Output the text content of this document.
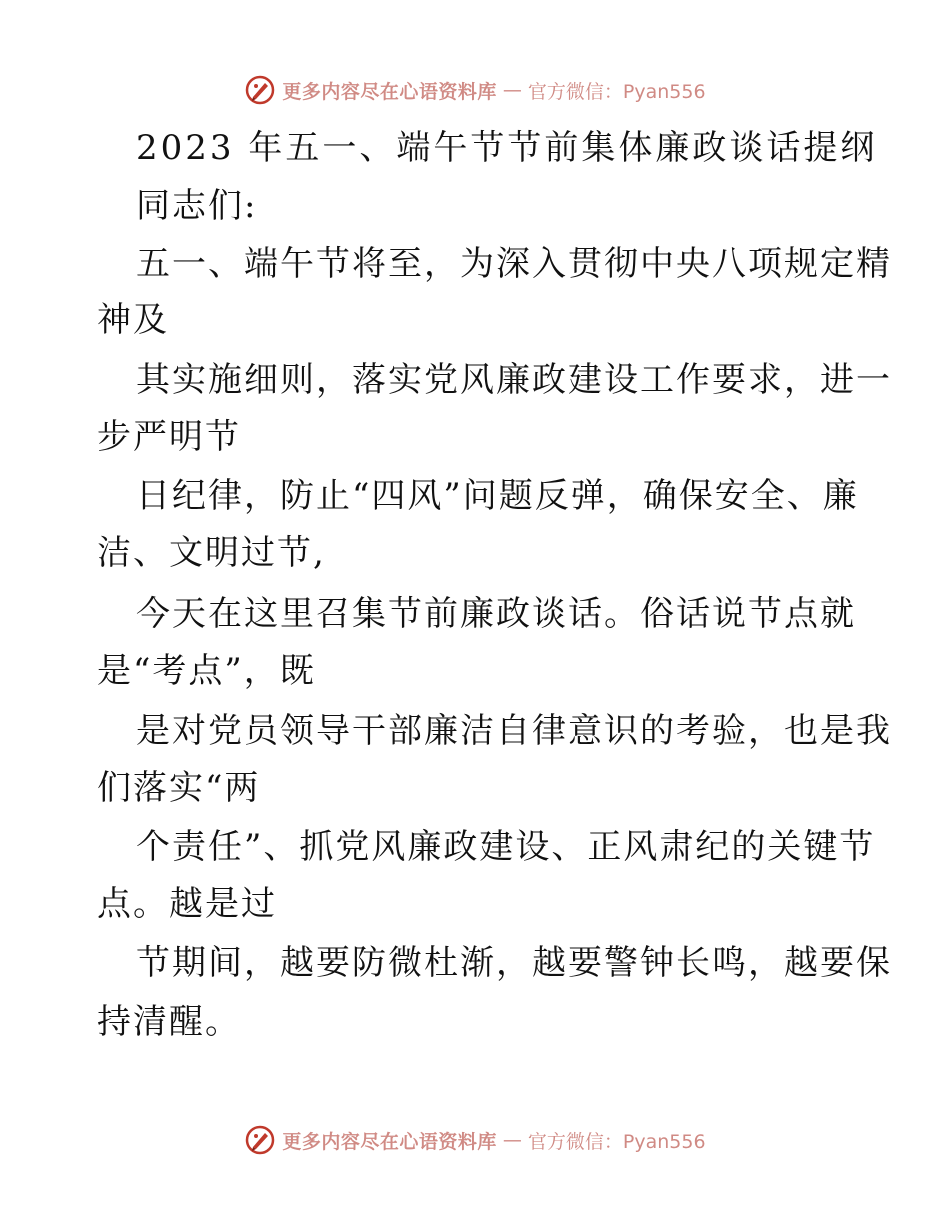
更多内容尽在心语资料库 — 官方微信：Pyan556
2023 年五一、端午节节前集体廉政谈话提纲
同志们:
五一、端午节将至，为深入贯彻中央八项规定精
神及
其实施细则，落实党风廉政建设工作要求，进一
步严明节
日纪律，防止“四风”问题反弹，确保安全、廉
洁、文明过节,
今天在这里召集节前廉政谈话。俗话说节点就
是“考点”，既
是对党员领导干部廉洁自律意识的考验，也是我
们落实“两
个责任”、抓党风廉政建设、正风肃纪的关键节
点。越是过
节期间，越要防微杜渐，越要警钟长鸣，越要保
持清醒。
更多内容尽在心语资料库 — 官方微信：Pyan556
